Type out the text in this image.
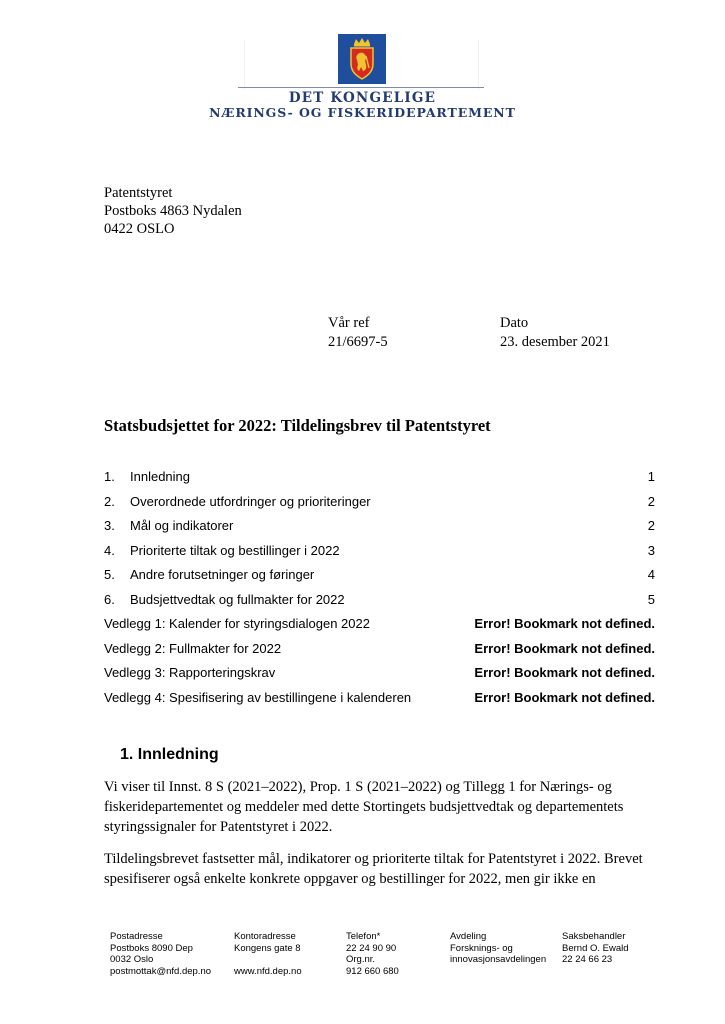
DET KONGELIGE
NÆRINGS- OG FISKERIDEPARTEMENT
Patentstyret
Postboks 4863 Nydalen
0422 OSLO
Vår ref
21/6697-5
Dato
23. desember 2021
Statsbudsjettet for 2022: Tildelingsbrev til Patentstyret
1. Innledning	1
2. Overordnede utfordringer og prioriteringer	2
3. Mål og indikatorer	2
4. Prioriterte tiltak og bestillinger i 2022	3
5. Andre forutsetninger og føringer	4
6. Budsjettvedtak og fullmakter for 2022	5
Vedlegg 1: Kalender for styringsdialogen 2022	Error! Bookmark not defined.
Vedlegg 2: Fullmakter for 2022	Error! Bookmark not defined.
Vedlegg 3: Rapporteringskrav	Error! Bookmark not defined.
Vedlegg 4: Spesifisering av bestillingene i kalenderen	Error! Bookmark not defined.
1. Innledning
Vi viser til Innst. 8 S (2021–2022), Prop. 1 S (2021–2022) og Tillegg 1 for Nærings- og
fiskeridepartementet og meddeler med dette Stortingets budsjettvedtak og departementets
styringssignaler for Patentstyret i 2022.
Tildelingsbrevet fastsetter mål, indikatorer og prioriterte tiltak for Patentstyret i 2022. Brevet
spesifiserer også enkelte konkrete oppgaver og bestillinger for 2022, men gir ikke en
Postadresse
Postboks 8090 Dep
0032 Oslo
postmottak@nfd.dep.no
Kontoradresse
Kongens gate 8

www.nfd.dep.no
Telefon*
22 24 90 90
Org.nr.
912 660 680
Avdeling
Forsknings- og
innovasjonsavdelingen
Saksbehandler
Bernd O. Ewald
22 24 66 23
